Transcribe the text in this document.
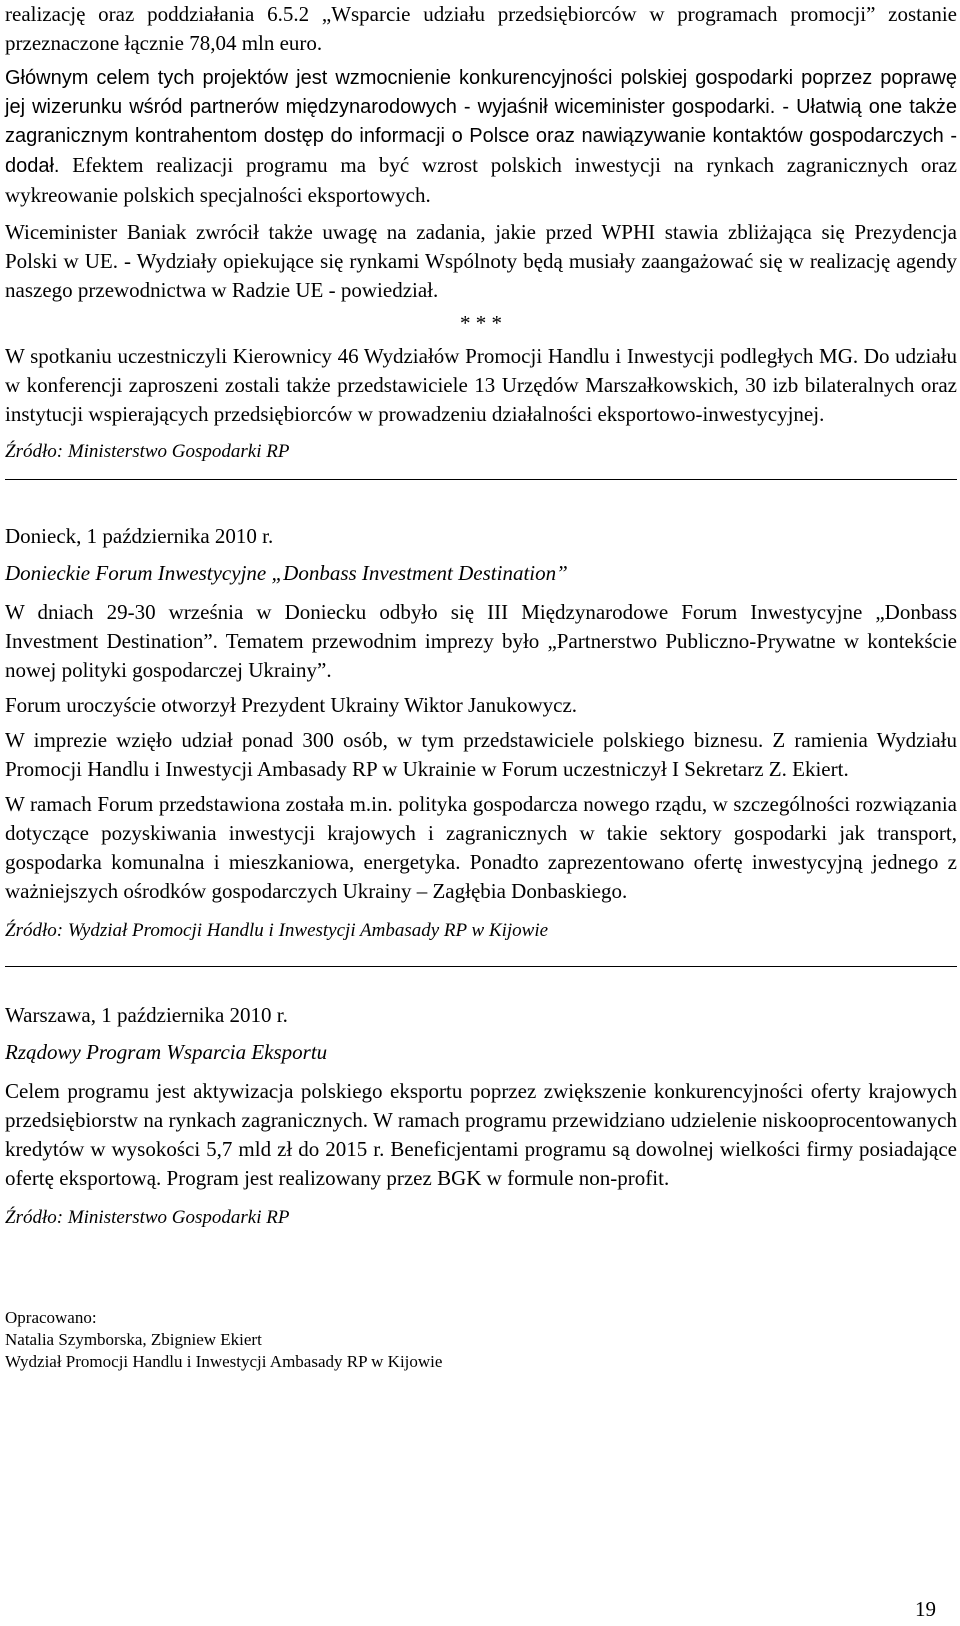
realizację oraz poddziałania 6.5.2 „Wsparcie udziału przedsiębiorców w programach promocji” zostanie przeznaczone łącznie 78,04 mln euro.

Głównym celem tych projektów jest wzmocnienie konkurencyjności polskiej gospodarki poprzez poprawę jej wizerunku wśród partnerów międzynarodowych - wyjaśnił wiceminister gospodarki. - Ułatwią one także zagranicznym kontrahentom dostęp do informacji o Polsce oraz nawiązywanie kontaktów gospodarczych - dodał. Efektem realizacji programu ma być wzrost polskich inwestycji na rynkach zagranicznych oraz wykreowanie polskich specjalności eksportowych.

Wiceminister Baniak zwrócił także uwagę na zadania, jakie przed WPHI stawia zbliżająca się Prezydencja Polski w UE. - Wydziały opiekujące się rynkami Wspólnoty będą musiały zaangażować się w realizację agendy naszego przewodnictwa w Radzie UE - powiedział.

* * *

W spotkaniu uczestniczyli Kierownicy 46 Wydziałów Promocji Handlu i Inwestycji podległych MG. Do udziału w konferencji zaproszeni zostali także przedstawiciele 13 Urzędów Marszałkowskich, 30 izb bilateralnych oraz instytucji wspierających przedsiębiorców w prowadzeniu działalności eksportowo-inwestycyjnej.

Źródło: Ministerstwo Gospodarki RP

Donieck, 1 października 2010 r.

Donieckie Forum Inwestycyjne „Donbass Investment Destination”

W dniach 29-30 września w Doniecku odbyło się III Międzynarodowe Forum Inwestycyjne „Donbass Investment Destination”. Tematem przewodnim imprezy było „Partnerstwo Publiczno-Prywatne w kontekście nowej polityki gospodarczej Ukrainy”.

Forum uroczyście otworzył Prezydent Ukrainy Wiktor Janukowycz.

W imprezie wzięło udział ponad 300 osób, w tym przedstawiciele polskiego biznesu. Z ramienia Wydziału Promocji Handlu i Inwestycji Ambasady RP w Ukrainie w Forum uczestniczył I Sekretarz Z. Ekiert.

W ramach Forum przedstawiona została m.in. polityka gospodarcza nowego rządu, w szczególności rozwiązania dotyczące pozyskiwania inwestycji krajowych i zagranicznych w takie sektory gospodarki jak transport, gospodarka komunalna i mieszkaniowa, energetyka. Ponadto zaprezentowano ofertę inwestycyjną jednego z ważniejszych ośrodków gospodarczych Ukrainy – Zagłębia Donbaskiego.

Źródło: Wydział Promocji Handlu i Inwestycji Ambasady RP w Kijowie

Warszawa, 1 października 2010 r.

Rządowy Program Wsparcia Eksportu

Celem programu jest aktywizacja polskiego eksportu poprzez zwiększenie konkurencyjności oferty krajowych przedsiębiorstw na rynkach zagranicznych. W ramach programu przewidziano udzielenie niskooprocentowanych kredytów w wysokości 5,7 mld zł do 2015 r. Beneficjentami programu są dowolnej wielkości firmy posiadające ofertę eksportową. Program jest realizowany przez BGK w formule non-profit.

Źródło: Ministerstwo Gospodarki RP

Opracowano:

Natalia Szymborska, Zbigniew Ekiert

Wydział Promocji Handlu i Inwestycji Ambasady RP w Kijowie

19
